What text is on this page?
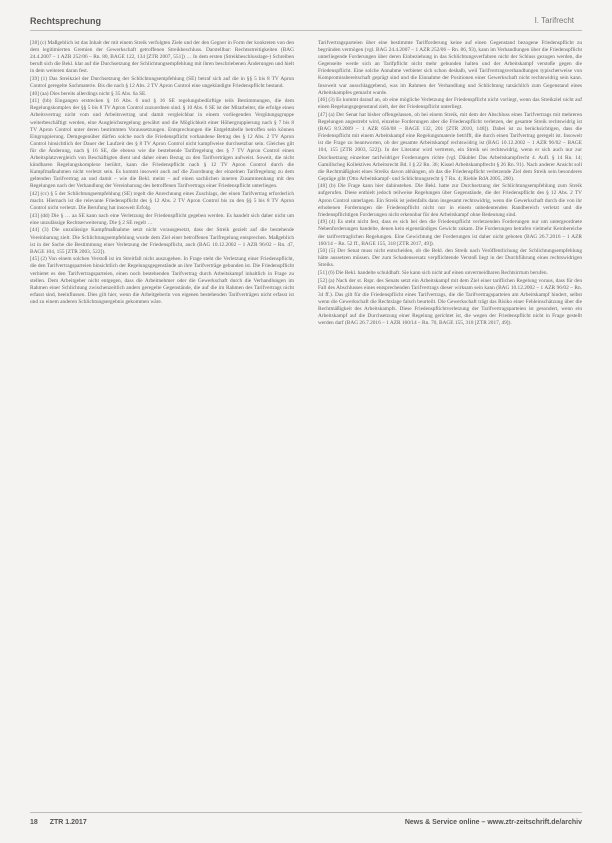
Rechtsprechung	I. Tarifrecht

[38] (c) Maßgeblich ist das Inhalt der mit einem Streik verfolgten Ziele und der den Gegner in Form der konkreten von den dem legitimierten Gremien der Gewerkschaft getroffenen Streikbeschluss. Darstellbar: Rechtsstreitigkeiten (BAG 24.4.2007 – 1 AZR 252/06 – Rn. 80, BAGE 122, 134 [ZTR 2007, 551]) … In dem ersten (Streikbeschlusslage-) Schreiben beruft sich die Bekl. klar auf die Durchsetzung der Schlichtungsempfehlung mit ihren beschriebenen Änderungen und hielt in dem weiteren daran fest.

[39] (1) Das Streikziel der Durchsetzung der Schlichtungsempfehlung (SE) betraf sich auf die in §§ 5 bis 8 TV Apron Control geregelte Sachmaterie. Bis die nach § 12 Abs. 2 TV Apron Control eine ungekündigte Friedenspflicht bestand.

[40] (aa) Dies bereits allerdings nicht § 35 Abs. 6a SE.

[41] (bb) Eingangen erstrecken § 16 Abs. 6 und § 16 SE regelungsbedürftige teils Bestimmungen, die dem Regelungskomplex der §§ 5 bis 8 TV Apron Control zuzuordnen sind. § 10 Abs. 6 SE ist der Mitarbeiter, die erfolge einen Arbeitsvertrag nicht vom und Arbeitsvertrag und damit vergleichbar in einem vorliegenden Vergütungsgruppe weiterbeschäftigt werden, eine Ausgleichsregelung gewährt und die Möglichkeit einer Höhergruppierung nach § 7 bis 8 TV Apron Control unter deren bestimmten Voraussetzungen. Entsprechungen die Entgelttabelle betroffen sein können Eingruppierung. Demgegenüber dürfen solche noch die Friedenspflicht vorhandene Betrag des § 12 Abs. 2 TV Apron Control hinsichtlich der Dauer der Laufzeit des § 8 TV Apron Control nicht kampfweise durchsetzbar sein. Gleiches gilt für die Änderung, nach § 16 SE, die ebenso wie die bestehende Tarifregelung des § 7 TV Apron Control einen Arbeitsplatzvergleich von Beschäftigten dient und daher einen Bezug zu den Tarifverträgen aufweist. Soweit, die nicht kündbaren Regelungskomplexe berührt, kann die Friedenspflicht nach § 12 TV Apron Control durch die Kampfmaßnahmen nicht verletzt sein. Es kommt insoweit auch auf die Zuordnung der einzelnen Tarifregelung zu dem geltenden Tarifvertrag an und damit – wie die Bekl. meint – auf einen sachlichen inneren Zusammenhang mit den Regelungen nach der Verhandlung der Vereinbarung des betroffenen Tarifvertrags einer Friedenspflicht unterliegen.

[42] (cc) § 5 der Schlichtungsempfehlung (SE) regelt die Anrechnung eines Zuschlags, der einen Tarifvertrag erforderlich macht. Hiernach ist die relevante Friedenspflicht des § 12 Abs. 2 TV Apron Control bis zu den §§ 5 bis 8 TV Apron Control nicht verletzt. Die Berufung hat insoweit Erfolg.

[43] (dd) Die § … aa SE kann nach eine Verletzung der Friedenspflicht gegeben werden. Es handelt sich daher nicht um eine unzulässige Rechtserweiterung. Die § 2 SE regelt …

[44] (3) Die unzulässige Kampfmaßnahme setzt nicht vorausgesetzt, dass der Streik gezielt auf die bestehende Vereinbarung zielt. Die Schlichtungsempfehlung wurde dem Ziel einer betroffenen Tarifregelung entsprechen. Maßgeblich ist in der Sache die Bestimmung einer Verletzung der Friedenspflicht, auch (BAG 10.12.2002 – 1 AZR 96/02 – Rn. 47, BAGE 104, 155 [ZTR 2003, 522]).

[45] (2) Von einem solchen Verstoß ist im Streitfall nicht auszugehen. In Frage steht die Verletzung einer Friedenspflicht, die den Tarifvertragsparteien hinsichtlich der Regelungsgegenstände an ihre Tarifverträge gebunden ist. Die Friedenspflicht verbietet es den Tarifvertragsparteien, einen noch bestehenden Tarifvertrag durch Arbeitskampf inhaltlich in Frage zu stellen. Dem Arbeitgeber nicht entgegen, dass die Arbeitnehmer oder die Gewerkschaft durch die Verhandlungen im Rahmen einer Schlichtung zwischenzeitlich anders geregelte Gegenstände, die auf die im Rahmen des Tarifvertrags nicht erfasst sind, beeinflussen. Dies gilt hier, wenn die Arbeitgeberin von eigenen bestehenden Tarifverträgen nicht erfasst ist und zu einem anderen Schlichtungsergebnis gekommen wäre.

Tarifvertragsparteien über eine bestimmte Tarifforderung keine auf einen Gegenstand bezogene Friedenspflicht zu begründen vermögen (vgl. BAG 24.4.2007 – 1 AZR 252/06 – Rn. 86, 93), kann im Verhandlungen über die Friedenspflicht unterliegende Forderungen über deren Einbeziehung in das Schlichtungsverfahren nicht der Schluss gezogen werden, die Gegenseite werde sich an Tarifpflicht nicht mehr gebunden halten und der Arbeitskampf verstoße gegen die Friedenspflicht. Eine solche Annahme verbietet sich schon deshalb, weil Tarifvertragsverhandlungen typischerweise von Kompromissbereitschaft geprägt sind und die Einnahme der Positionen einer Gewerkschaft nicht rechtswidrig sein kann. Insoweit war ausschlaggebend, was im Rahmen der Verhandlung und Schlichtung tatsächlich zum Gegenstand eines Arbeitskampfes gemacht wurde.

[46] (3) Es kommt darauf an, ob eine mögliche Verletzung der Friedenspflicht nicht vorliegt, wenn das Streikziel nicht auf einen Regelungsgegenstand zielt, der der Friedenspflicht unterliegt.

[47] (a) Der Senat hat bisher offengelassen, ob bei einem Streik, mit dem der Abschluss eines Tarifvertrags mit mehreren Regelungen angestrebt wird, einzelne Forderungen aber die Friedenspflicht verletzen, der gesamte Streik rechtswidrig ist (BAG 8.9.2009 – 1 AZR 656/08 – BAGE 132, 201 [ZTR 2010, 148]). Dabei ist zu berücksichtigen, dass die Friedenspflicht mit einem Arbeitskampf eine Regelungsmaterie betrifft, die durch einen Tarifvertrag geregelt ist. Insoweit ist die Frage zu beantworten, ob der gesamte Arbeitskampf rechtswidrig ist (BAG 10.12.2002 – 1 AZR 96/02 – BAGE 104, 155 [ZTR 2003, 522]). In der Literatur wird vertreten, ein Streik sei rechtswidrig, wenn er sich auch nur zur Durchsetzung einzelner tarifwidriger Forderungen richte (vgl. Däubler Das Arbeitskampfrecht 4. Aufl. § 14 Rn. 14; Gamillscheg Kollektives Arbeitsrecht Bd. I § 22 Rn. 36; Kissel Arbeitskampfrecht § 26 Rn. 91). Nach anderer Ansicht soll die Rechtmäßigkeit eines Streiks davon abhängen, ob das die Friedenspflicht verletzende Ziel dem Streik sein besonderes Gepräge gibt (Otto Arbeitskampf- und Schlichtungsrecht § 7 Rn. 4; Rieble RdA 2005, 200).

[48] (b) Die Frage kann hier dahinstehen. Die Bekl. hatte zur Durchsetzung der Schlichtungsempfehlung zum Streik aufgerufen. Diese enthielt jedoch teilweise Regelungen über Gegenstände, die der Friedenspflicht des § 12 Abs. 2 TV Apron Control unterlagen. Ein Streik ist jedenfalls dann insgesamt rechtswidrig, wenn die Gewerkschaft durch die von ihr erhobenen Forderungen die Friedenspflicht nicht nur in einem unbedeutenden Randbereich verletzt und die friedenspflichtigen Forderungen nicht erkennbar für den Arbeitskampf ohne Bedeutung sind.

[49] (4) Es steht nicht fest, dass es sich bei den die Friedenspflicht verletzenden Forderungen nur um untergeordnete Nebenforderungen handelte, denen kein eigenständiges Gewicht zukam. Die Forderungen betrafen vielmehr Kernbereiche der tarifvertraglichen Regelungen. Eine Gewichtung der Forderungen ist daher nicht geboten (BAG 26.7.2016 – 1 AZR 160/14 – Rn. 52 ff., BAGE 155, 318 [ZTR 2017, 49]).

[50] (5) Der Senat muss nicht entscheiden, ob die Bekl. den Streik nach Veröffentlichung der Schlichtungsempfehlung hätte aussetzen müssen. Der zum Schadensersatz verpflichtende Verstoß liegt in der Durchführung eines rechtswidrigen Streiks.

[51] (6) Die Bekl. handelte schuldhaft. Sie kann sich nicht auf einen unvermeidbaren Rechtsirrtum berufen.

[52] (a) Nach der st. Rspr. des Senats setzt ein Arbeitskampf mit dem Ziel einer tariflichen Regelung voraus, dass für den Fall des Abschlusses eines entsprechenden Tarifvertrags dieser wirksam sein kann (BAG 10.12.2002 – 1 AZR 96/02 – Rn. 34 ff.). Das gilt für die Friedenspflicht eines Tarifvertrags, die die Tarifvertragsparteien am Arbeitskampf hindert, selbst wenn die Gewerkschaft die Rechtslage falsch beurteilt. Die Gewerkschaft trägt das Risiko einer Fehleinschätzung über die Rechtmäßigkeit des Arbeitskampfs. Diese Friedenspflichtverletzung der Tarifvertragsparteien ist gesondert, wenn ein Arbeitskampf auf die Durchsetzung einer Regelung gerichtet ist, die wegen der Friedenspflicht nicht in Frage gestellt werden darf (BAG 26.7.2016 – 1 AZR 160/14 – Rn. 70, BAGE 155, 318 [ZTR 2017, 49]).

18 ZTR 1.2017	News & Service online – www.ztr-zeitschrift.de/archiv
